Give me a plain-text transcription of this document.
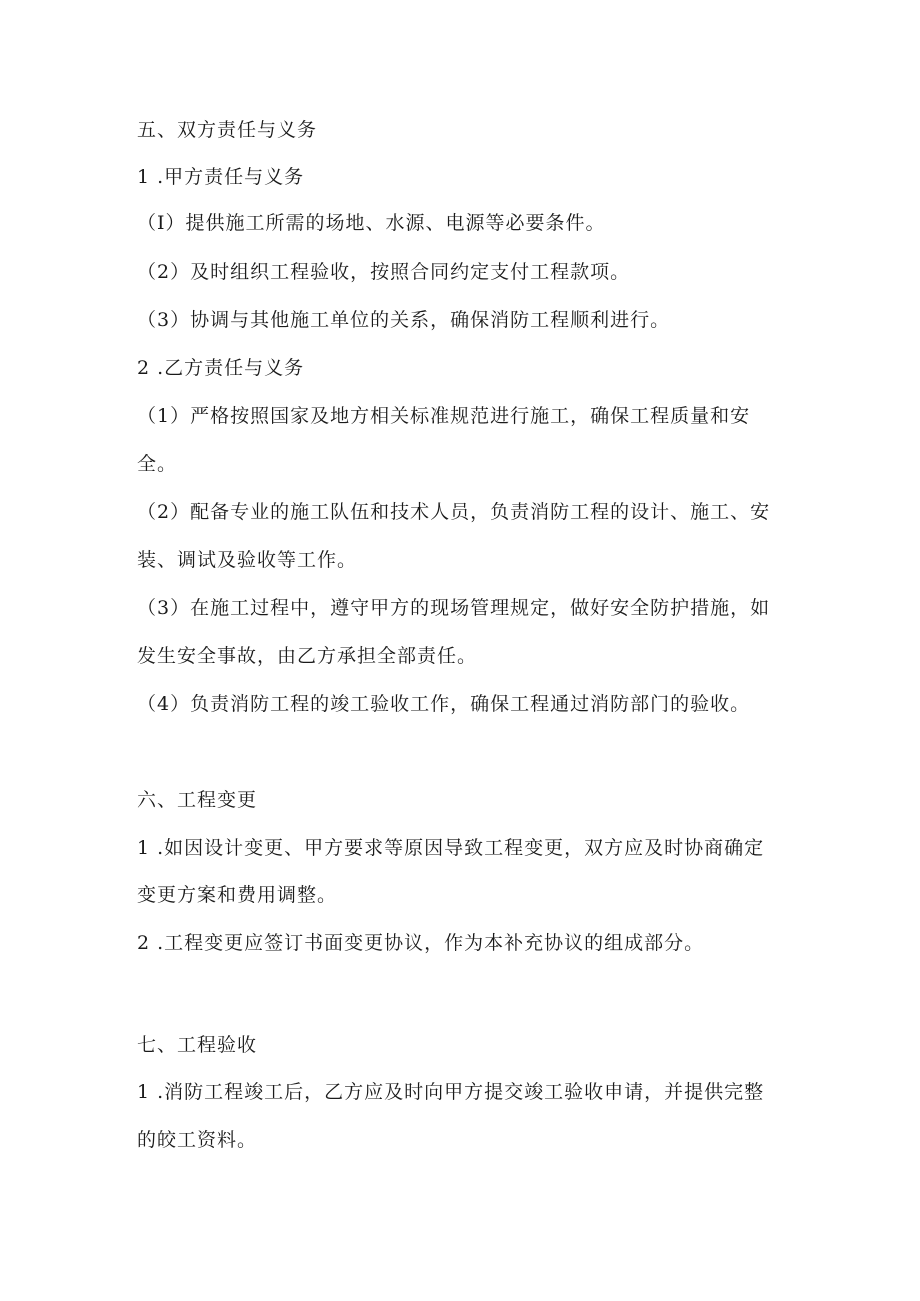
五、双方责任与义务
1 .甲方责任与义务
（I）提供施工所需的场地、水源、电源等必要条件。
（2）及时组织工程验收，按照合同约定支付工程款项。
（3）协调与其他施工单位的关系，确保消防工程顺利进行。
2 .乙方责任与义务
（1）严格按照国家及地方相关标准规范进行施工，确保工程质量和安
全。
（2）配备专业的施工队伍和技术人员，负责消防工程的设计、施工、安
装、调试及验收等工作。
（3）在施工过程中，遵守甲方的现场管理规定，做好安全防护措施，如
发生安全事故，由乙方承担全部责任。
（4）负责消防工程的竣工验收工作，确保工程通过消防部门的验收。
六、工程变更
1 .如因设计变更、甲方要求等原因导致工程变更，双方应及时协商确定
变更方案和费用调整。
2 .工程变更应签订书面变更协议，作为本补充协议的组成部分。
七、工程验收
1 .消防工程竣工后，乙方应及时向甲方提交竣工验收申请，并提供完整
的皎工资料。
